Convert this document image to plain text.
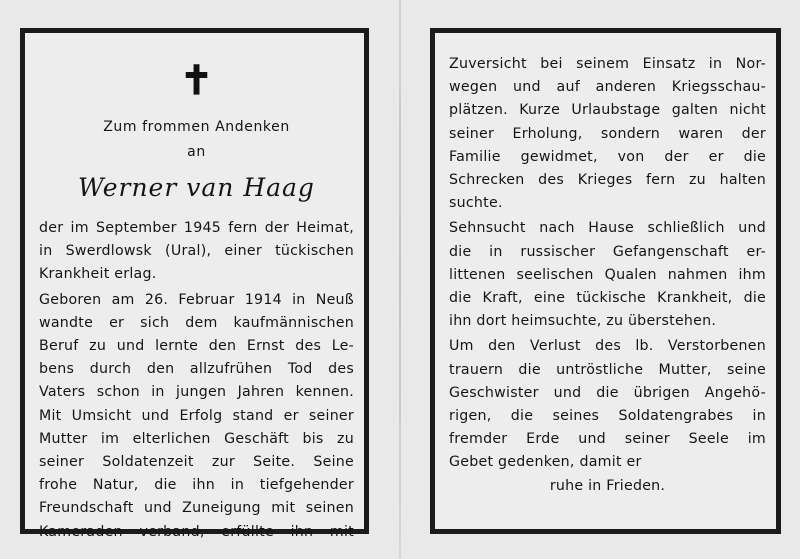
✝
Zum frommen Andenken
an
Werner van Haag
der im September 1945 fern der Heimat,
in Swerdlowsk (Ural), einer tückischen
Krankheit erlag.
Geboren am 26. Februar 1914 in Neuß
wandte er sich dem kaufmännischen
Beruf zu und lernte den Ernst des Le-
bens durch den allzufrühen Tod des
Vaters schon in jungen Jahren kennen.
Mit Umsicht und Erfolg stand er seiner
Mutter im elterlichen Geschäft bis zu
seiner Soldatenzeit zur Seite. Seine
frohe Natur, die ihn in tiefgehender
Freundschaft und Zuneigung mit seinen
Kameraden verband, erfüllte ihn mit
Zuversicht bei seinem Einsatz in Nor-
wegen und auf anderen Kriegsschau-
plätzen. Kurze Urlaubstage galten nicht
seiner Erholung, sondern waren der
Familie gewidmet, von der er die
Schrecken des Krieges fern zu halten
suchte.
Sehnsucht nach Hause schließlich und
die in russischer Gefangenschaft er-
littenen seelischen Qualen nahmen ihm
die Kraft, eine tückische Krankheit, die
ihn dort heimsuchte, zu überstehen.
Um den Verlust des lb. Verstorbenen
trauern die untröstliche Mutter, seine
Geschwister und die übrigen Angehö-
rigen, die seines Soldatengrabes in
fremder Erde und seiner Seele im
Gebet gedenken, damit er
ruhe in Frieden.
